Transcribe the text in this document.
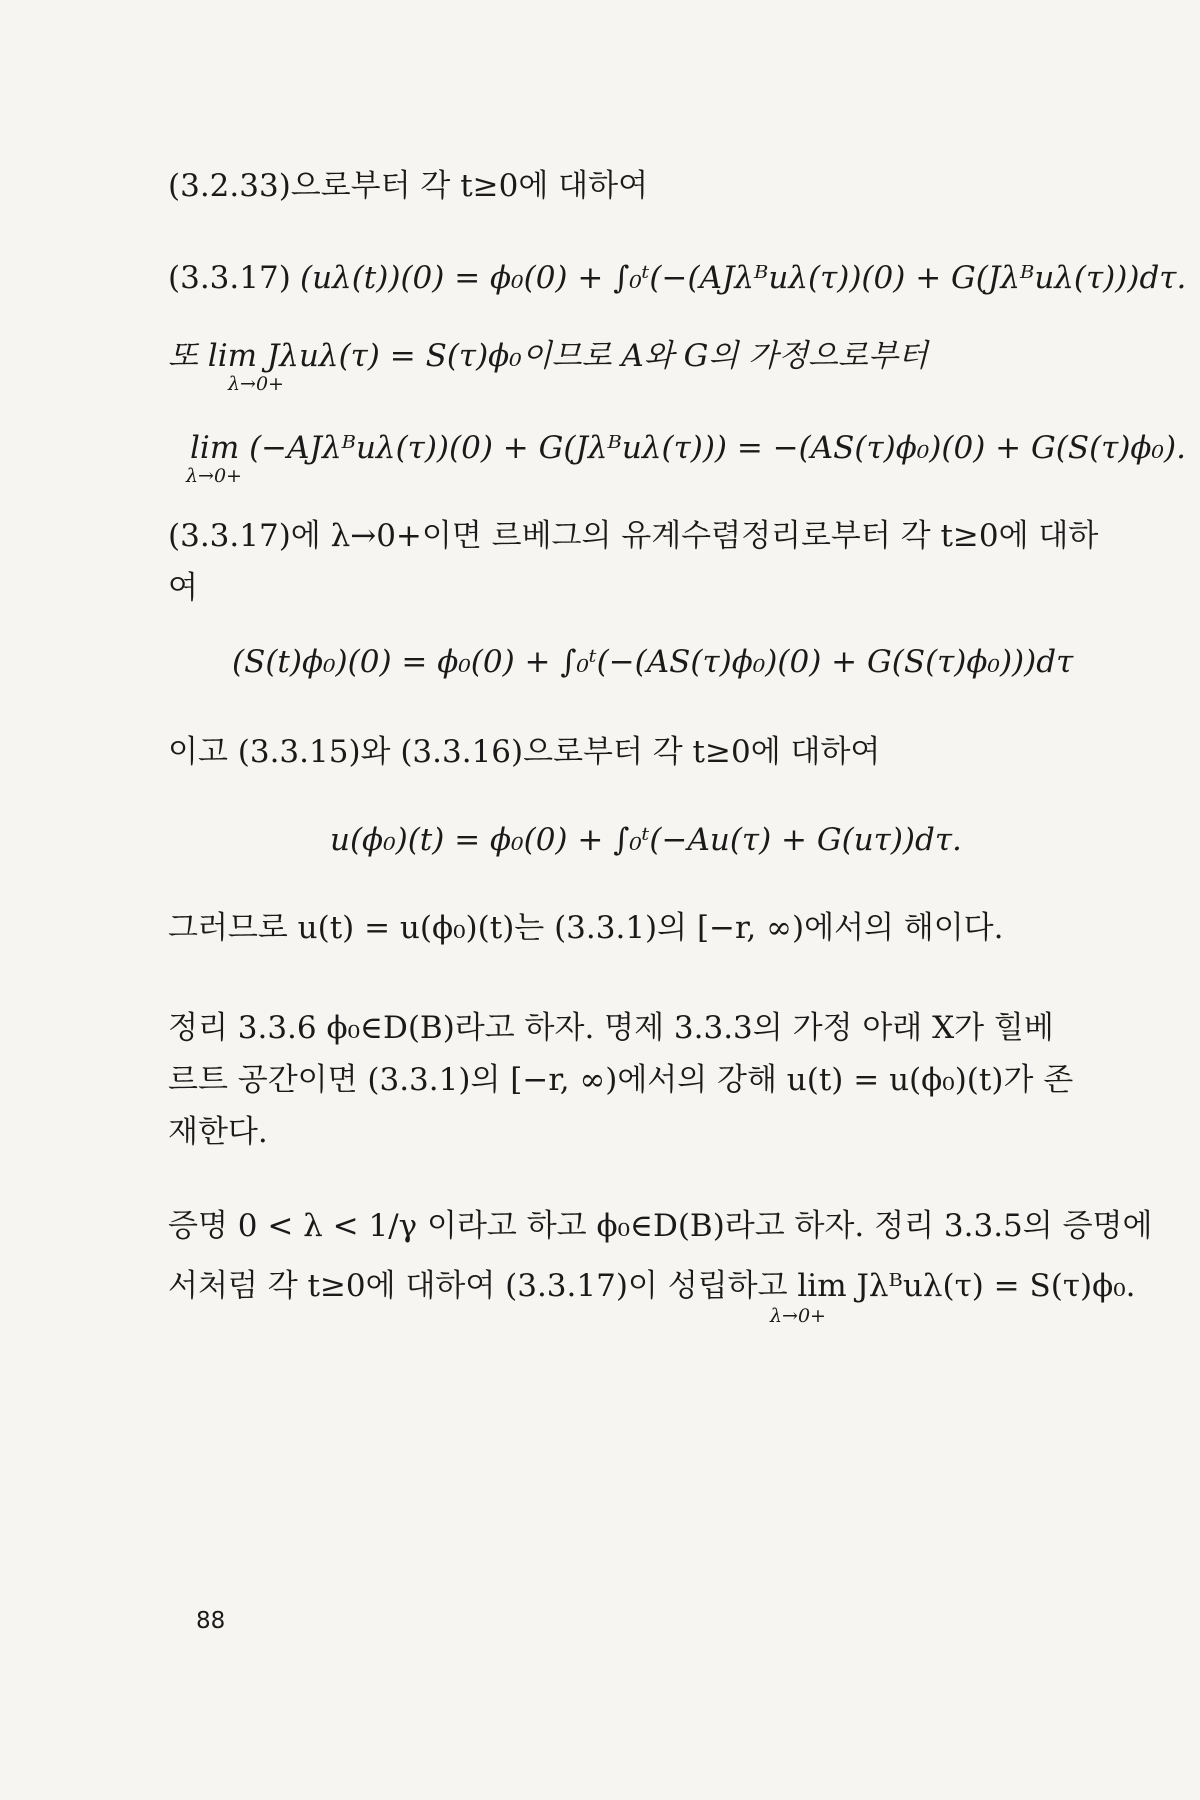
(3.2.33)으로부터 각 t≥0에 대하여
(3.3.17) (uλ(t))(0) = ϕ₀(0) + ∫₀ᵗ(−(AJλᴮuλ(τ))(0) + G(Jλᴮuλ(τ)))dτ.
또 lim Jλuλ(τ) = S(τ)ϕ₀이므로 A와 G의 가정으로부터
λ→0+
lim (−AJλᴮuλ(τ))(0) + G(Jλᴮuλ(τ))) = −(AS(τ)ϕ₀)(0) + G(S(τ)ϕ₀).
λ→0+
(3.3.17)에 λ→0+이면 르베그의 유계수렴정리로부터 각 t≥0에 대하
여
(S(t)ϕ₀)(0) = ϕ₀(0) + ∫₀ᵗ(−(AS(τ)ϕ₀)(0) + G(S(τ)ϕ₀)))dτ
이고 (3.3.15)와 (3.3.16)으로부터 각 t≥0에 대하여
u(ϕ₀)(t) = ϕ₀(0) + ∫₀ᵗ(−Au(τ) + G(uτ))dτ.
그러므로 u(t) = u(ϕ₀)(t)는 (3.3.1)의 [−r, ∞)에서의 해이다.
정리 3.3.6 ϕ₀∈D(B)라고 하자. 명제 3.3.3의 가정 아래 X가 힐베
르트 공간이면 (3.3.1)의 [−r, ∞)에서의 강해 u(t) = u(ϕ₀)(t)가 존
재한다.
증명 0 < λ < 1/γ 이라고 하고 ϕ₀∈D(B)라고 하자. 정리 3.3.5의 증명에
서처럼 각 t≥0에 대하여 (3.3.17)이 성립하고 lim Jλᴮuλ(τ) = S(τ)ϕ₀.
λ→0+
88
